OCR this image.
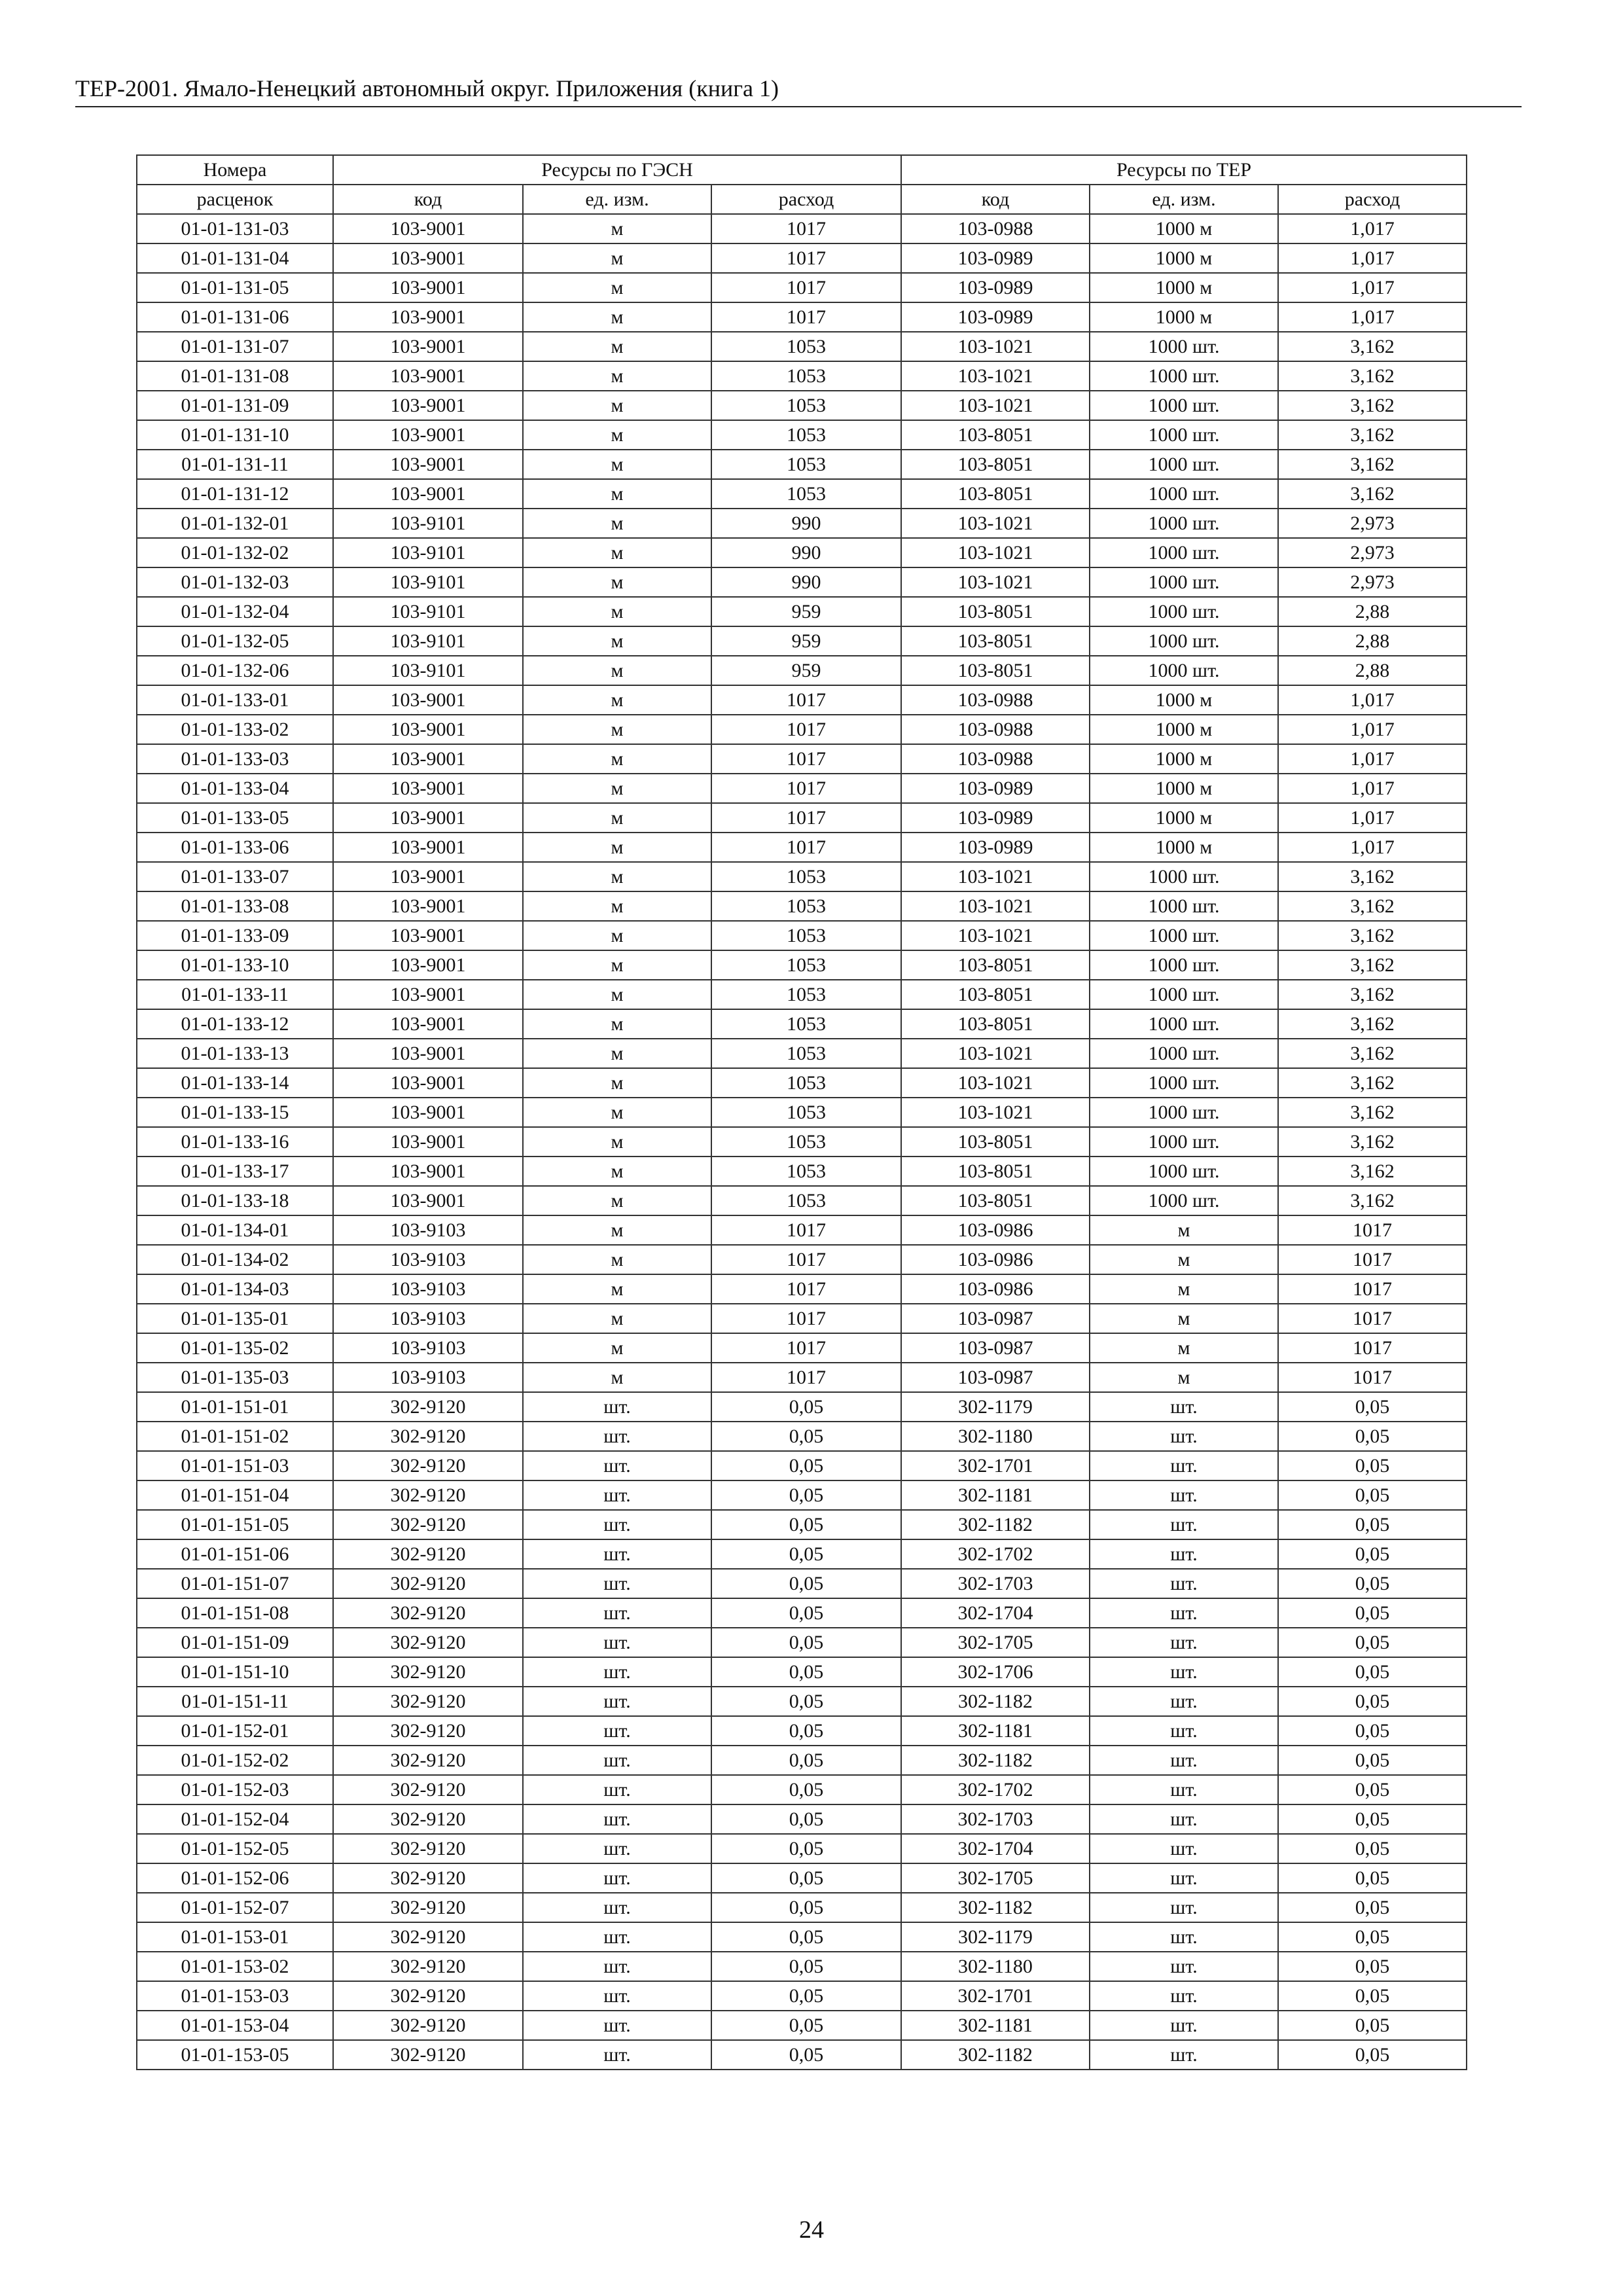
ТЕР-2001. Ямало-Ненецкий автономный округ. Приложения (книга 1)
Номера	Ресурсы по ГЭСН			Ресурсы по ТЕР		
расценок	код	ед. изм.	расход	код	ед. изм.	расход
01-01-131-03	103-9001	м	1017	103-0988	1000 м	1,017
01-01-131-04	103-9001	м	1017	103-0989	1000 м	1,017
01-01-131-05	103-9001	м	1017	103-0989	1000 м	1,017
01-01-131-06	103-9001	м	1017	103-0989	1000 м	1,017
01-01-131-07	103-9001	м	1053	103-1021	1000 шт.	3,162
01-01-131-08	103-9001	м	1053	103-1021	1000 шт.	3,162
01-01-131-09	103-9001	м	1053	103-1021	1000 шт.	3,162
01-01-131-10	103-9001	м	1053	103-8051	1000 шт.	3,162
01-01-131-11	103-9001	м	1053	103-8051	1000 шт.	3,162
01-01-131-12	103-9001	м	1053	103-8051	1000 шт.	3,162
01-01-132-01	103-9101	м	990	103-1021	1000 шт.	2,973
01-01-132-02	103-9101	м	990	103-1021	1000 шт.	2,973
01-01-132-03	103-9101	м	990	103-1021	1000 шт.	2,973
01-01-132-04	103-9101	м	959	103-8051	1000 шт.	2,88
01-01-132-05	103-9101	м	959	103-8051	1000 шт.	2,88
01-01-132-06	103-9101	м	959	103-8051	1000 шт.	2,88
01-01-133-01	103-9001	м	1017	103-0988	1000 м	1,017
01-01-133-02	103-9001	м	1017	103-0988	1000 м	1,017
01-01-133-03	103-9001	м	1017	103-0988	1000 м	1,017
01-01-133-04	103-9001	м	1017	103-0989	1000 м	1,017
01-01-133-05	103-9001	м	1017	103-0989	1000 м	1,017
01-01-133-06	103-9001	м	1017	103-0989	1000 м	1,017
01-01-133-07	103-9001	м	1053	103-1021	1000 шт.	3,162
01-01-133-08	103-9001	м	1053	103-1021	1000 шт.	3,162
01-01-133-09	103-9001	м	1053	103-1021	1000 шт.	3,162
01-01-133-10	103-9001	м	1053	103-8051	1000 шт.	3,162
01-01-133-11	103-9001	м	1053	103-8051	1000 шт.	3,162
01-01-133-12	103-9001	м	1053	103-8051	1000 шт.	3,162
01-01-133-13	103-9001	м	1053	103-1021	1000 шт.	3,162
01-01-133-14	103-9001	м	1053	103-1021	1000 шт.	3,162
01-01-133-15	103-9001	м	1053	103-1021	1000 шт.	3,162
01-01-133-16	103-9001	м	1053	103-8051	1000 шт.	3,162
01-01-133-17	103-9001	м	1053	103-8051	1000 шт.	3,162
01-01-133-18	103-9001	м	1053	103-8051	1000 шт.	3,162
01-01-134-01	103-9103	м	1017	103-0986	м	1017
01-01-134-02	103-9103	м	1017	103-0986	м	1017
01-01-134-03	103-9103	м	1017	103-0986	м	1017
01-01-135-01	103-9103	м	1017	103-0987	м	1017
01-01-135-02	103-9103	м	1017	103-0987	м	1017
01-01-135-03	103-9103	м	1017	103-0987	м	1017
01-01-151-01	302-9120	шт.	0,05	302-1179	шт.	0,05
01-01-151-02	302-9120	шт.	0,05	302-1180	шт.	0,05
01-01-151-03	302-9120	шт.	0,05	302-1701	шт.	0,05
01-01-151-04	302-9120	шт.	0,05	302-1181	шт.	0,05
01-01-151-05	302-9120	шт.	0,05	302-1182	шт.	0,05
01-01-151-06	302-9120	шт.	0,05	302-1702	шт.	0,05
01-01-151-07	302-9120	шт.	0,05	302-1703	шт.	0,05
01-01-151-08	302-9120	шт.	0,05	302-1704	шт.	0,05
01-01-151-09	302-9120	шт.	0,05	302-1705	шт.	0,05
01-01-151-10	302-9120	шт.	0,05	302-1706	шт.	0,05
01-01-151-11	302-9120	шт.	0,05	302-1182	шт.	0,05
01-01-152-01	302-9120	шт.	0,05	302-1181	шт.	0,05
01-01-152-02	302-9120	шт.	0,05	302-1182	шт.	0,05
01-01-152-03	302-9120	шт.	0,05	302-1702	шт.	0,05
01-01-152-04	302-9120	шт.	0,05	302-1703	шт.	0,05
01-01-152-05	302-9120	шт.	0,05	302-1704	шт.	0,05
01-01-152-06	302-9120	шт.	0,05	302-1705	шт.	0,05
01-01-152-07	302-9120	шт.	0,05	302-1182	шт.	0,05
01-01-153-01	302-9120	шт.	0,05	302-1179	шт.	0,05
01-01-153-02	302-9120	шт.	0,05	302-1180	шт.	0,05
01-01-153-03	302-9120	шт.	0,05	302-1701	шт.	0,05
01-01-153-04	302-9120	шт.	0,05	302-1181	шт.	0,05
01-01-153-05	302-9120	шт.	0,05	302-1182	шт.	0,05
24
